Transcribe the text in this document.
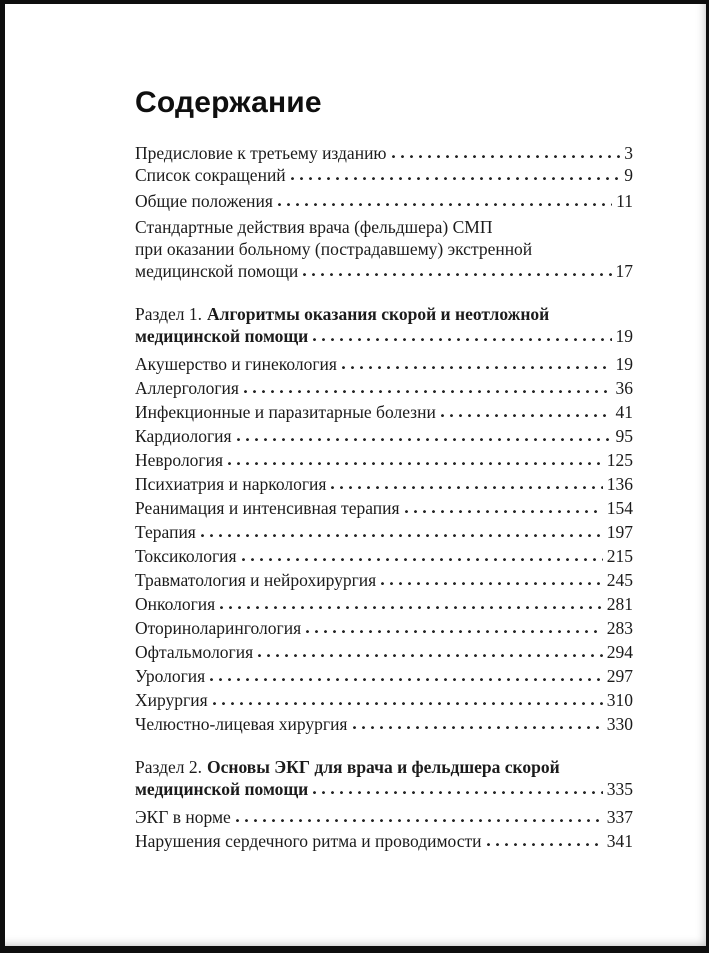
Содержание
Предисловие к третьему изданию	3
Список сокращений	9
Общие положения	11
Стандартные действия врача (фельдшера) СМП
при оказании больному (пострадавшему) экстренной
медицинской помощи	17
Раздел 1. Алгоритмы оказания скорой и неотложной
медицинской помощи	19
Акушерство и гинекология	19
Аллергология	36
Инфекционные и паразитарные болезни	41
Кардиология	95
Неврология	125
Психиатрия и наркология	136
Реанимация и интенсивная терапия	154
Терапия	197
Токсикология	215
Травматология и нейрохирургия	245
Онкология	281
Оториноларингология	283
Офтальмология	294
Урология	297
Хирургия	310
Челюстно-лицевая хирургия	330
Раздел 2. Основы ЭКГ для врача и фельдшера скорой
медицинской помощи	335
ЭКГ в норме	337
Нарушения сердечного ритма и проводимости	341
